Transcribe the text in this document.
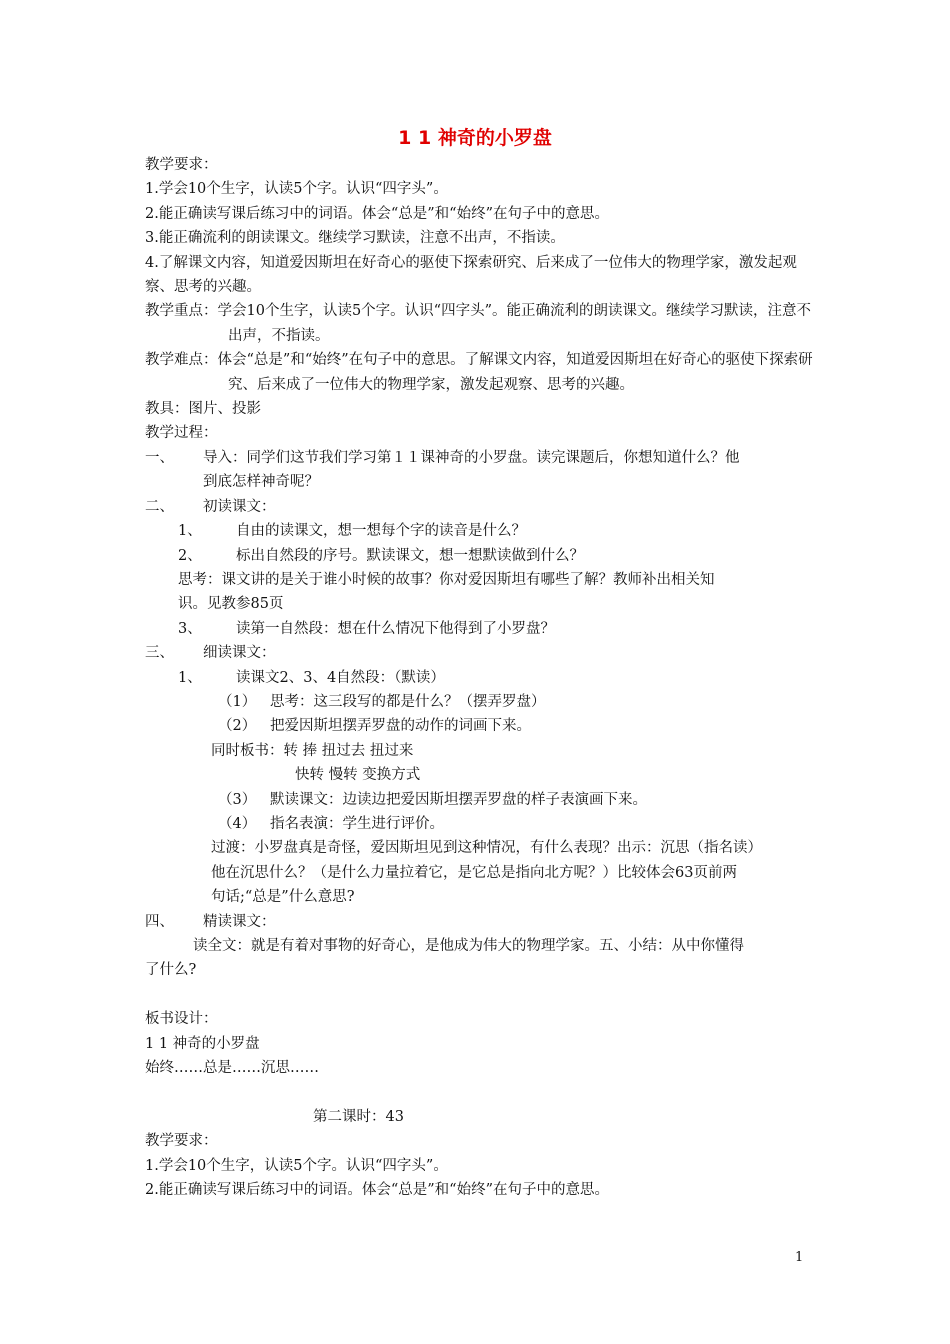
1 1 神奇的小罗盘
教学要求：
1.学会10个生字，认读5个字。认识“四字头”。
2.能正确读写课后练习中的词语。体会“总是”和“始终”在句子中的意思。
3.能正确流利的朗读课文。继续学习默读，注意不出声，不指读。
4.了解课文内容，知道爱因斯坦在好奇心的驱使下探索研究、后来成了一位伟大的物理学家，激发起观察、思考的兴趣。
教学重点：学会10个生字，认读5个字。认识“四字头”。能正确流利的朗读课文。继续学习默读，注意不出声，不指读。
教学难点：体会“总是”和“始终”在句子中的意思。了解课文内容，知道爱因斯坦在好奇心的驱使下探索研究、后来成了一位伟大的物理学家，激发起观察、思考的兴趣。
教具：图片、投影
教学过程：
一、 导入：同学们这节我们学习第１１课神奇的小罗盘。读完课题后，你想知道什么？他
到底怎样神奇呢？
二、 初读课文：
1、 自由的读课文，想一想每个字的读音是什么？
2、 标出自然段的序号。默读课文，想一想默读做到什么？
思考：课文讲的是关于谁小时候的故事？你对爱因斯坦有哪些了解？教师补出相关知
识。见教参85页
3、 读第一自然段：想在什么情况下他得到了小罗盘？
三、 细读课文：
1、 读课文2、3、4自然段：（默读）
（1） 思考：这三段写的都是什么？（摆弄罗盘）
（2） 把爱因斯坦摆弄罗盘的动作的词画下来。
同时板书：转 捧 扭过去 扭过来
快转 慢转 变换方式
（3） 默读课文：边读边把爱因斯坦摆弄罗盘的样子表演画下来。
（4） 指名表演：学生进行评价。
过渡：小罗盘真是奇怪，爱因斯坦见到这种情况，有什么表现？出示：沉思（指名读）
他在沉思什么？（是什么力量拉着它，是它总是指向北方呢？）比较体会63页前两
句话;“总是”什么意思?
四、 精读课文：
读全文：就是有着对事物的好奇心，是他成为伟大的物理学家。五、小结：从中你懂得
了什么?
板书设计：
1 1 神奇的小罗盘
始终……总是……沉思……
第二课时：43
教学要求：
1.学会10个生字，认读5个字。认识“四字头”。
2.能正确读写课后练习中的词语。体会“总是”和“始终”在句子中的意思。
1
